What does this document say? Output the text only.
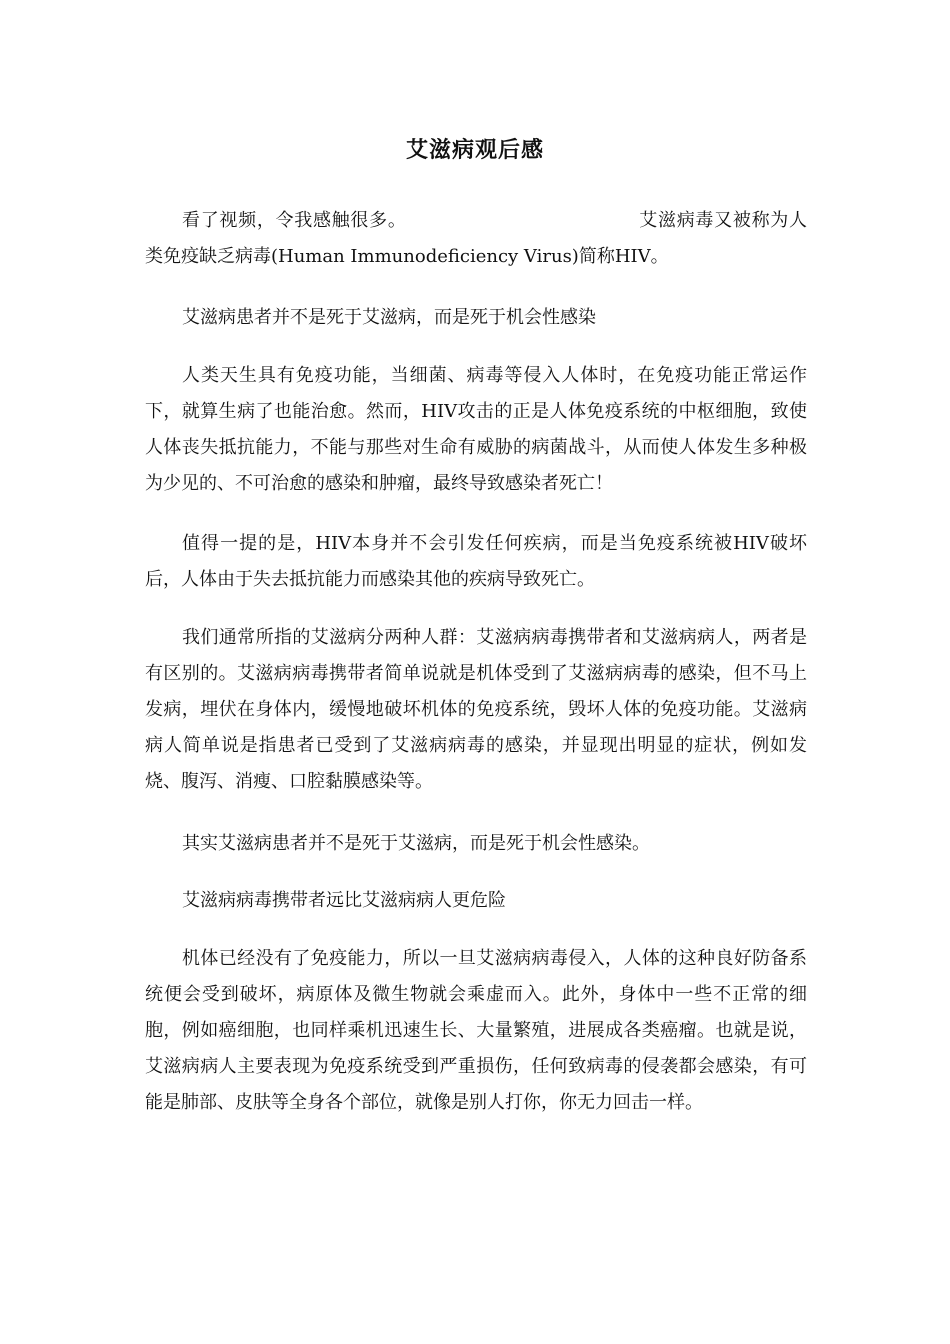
艾滋病观后感

看了视频，令我感触很多。	艾滋病毒又被称为人类免疫缺乏病毒(Human Immunodeficiency Virus)简称HIV。

艾滋病患者并不是死于艾滋病，而是死于机会性感染

人类天生具有免疫功能，当细菌、病毒等侵入人体时，在免疫功能正常运作下，就算生病了也能治愈。然而，HIV攻击的正是人体免疫系统的中枢细胞，致使人体丧失抵抗能力，不能与那些对生命有威胁的病菌战斗，从而使人体发生多种极为少见的、不可治愈的感染和肿瘤，最终导致感染者死亡！

值得一提的是，HIV本身并不会引发任何疾病，而是当免疫系统被HIV破坏后，人体由于失去抵抗能力而感染其他的疾病导致死亡。

我们通常所指的艾滋病分两种人群：艾滋病病毒携带者和艾滋病病人，两者是有区别的。艾滋病病毒携带者简单说就是机体受到了艾滋病病毒的感染，但不马上发病，埋伏在身体内，缓慢地破坏机体的免疫系统，毁坏人体的免疫功能。艾滋病病人简单说是指患者已受到了艾滋病病毒的感染，并显现出明显的症状，例如发烧、腹泻、消瘦、口腔黏膜感染等。

其实艾滋病患者并不是死于艾滋病，而是死于机会性感染。

艾滋病病毒携带者远比艾滋病病人更危险

机体已经没有了免疫能力，所以一旦艾滋病病毒侵入，人体的这种良好防备系统便会受到破坏，病原体及微生物就会乘虚而入。此外，身体中一些不正常的细胞，例如癌细胞，也同样乘机迅速生长、大量繁殖，进展成各类癌瘤。也就是说，艾滋病病人主要表现为免疫系统受到严重损伤，任何致病毒的侵袭都会感染，有可能是肺部、皮肤等全身各个部位，就像是别人打你，你无力回击一样。
